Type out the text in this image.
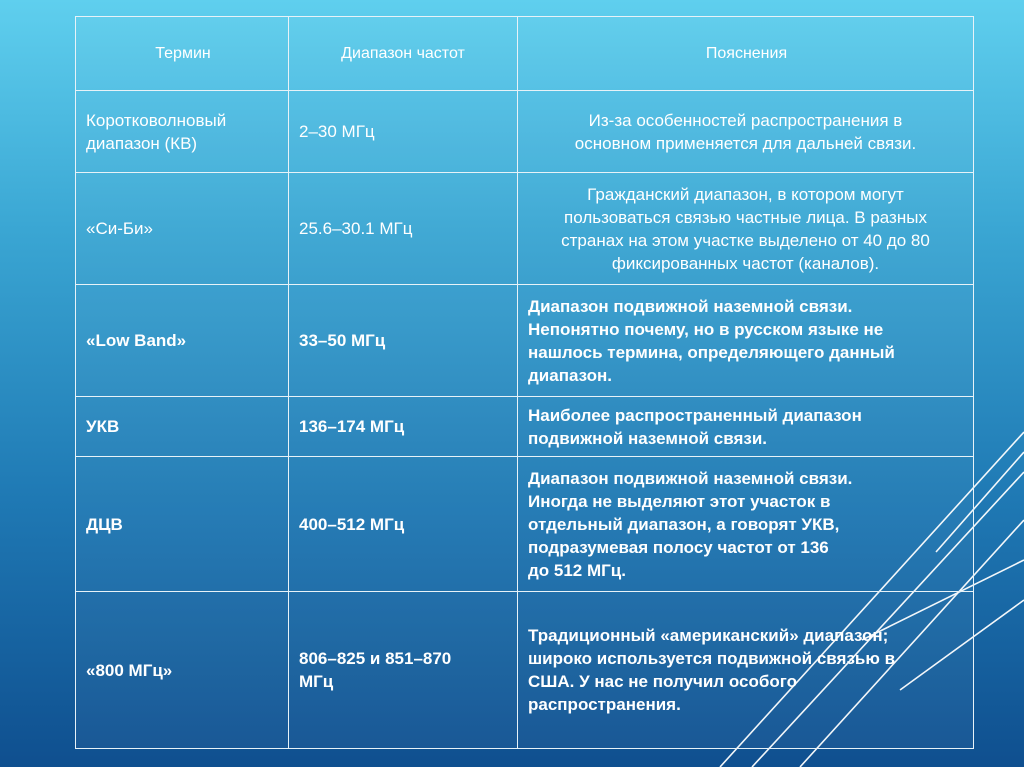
Термин	Диапазон частот	Пояснения
Коротковолновый диапазон (КВ)	2–30 МГц	Из-за особенностей распространения в основном применяется для дальней связи.
«Си-Би»	25.6–30.1 МГц	Гражданский диапазон, в котором могут пользоваться связью частные лица. В разных странах на этом участке выделено от 40 до 80 фиксированных частот (каналов).
«Low Band»	33–50 МГц	Диапазон подвижной наземной связи. Непонятно почему, но в русском языке не нашлось термина, определяющего данный диапазон.
УКВ	136–174 МГц	Наиболее распространенный диапазон подвижной наземной связи.
ДЦВ	400–512 МГц	Диапазон подвижной наземной связи. Иногда не выделяют этот участок в отдельный диапазон, а говорят УКВ, подразумевая полосу частот от 136 до 512 МГц.
«800 МГц»	806–825 и 851–870 МГц	Традиционный «американский» диапазон; широко используется подвижной связью в США. У нас не получил особого распространения.
